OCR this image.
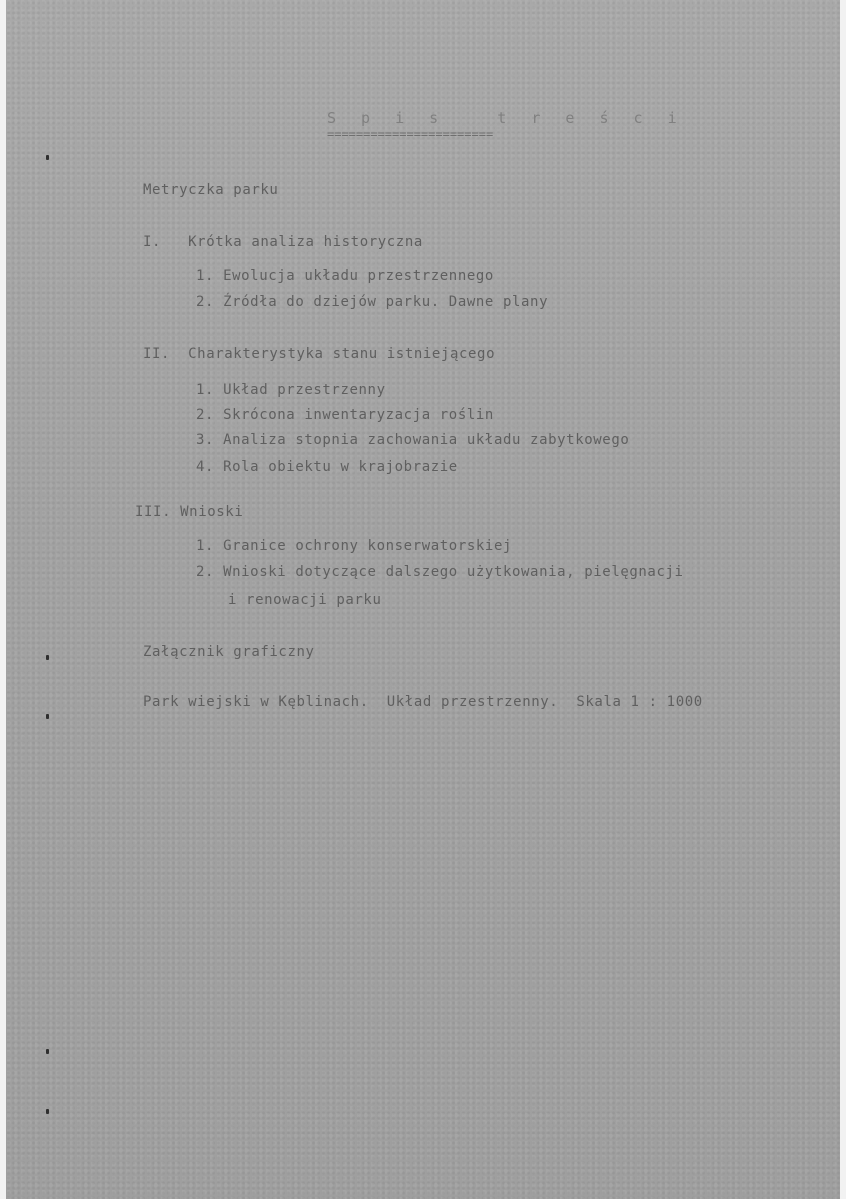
S p i s   t r e ś c i
=======================
Metryczka parku
I.   Krótka analiza historyczna
1. Ewolucja układu przestrzennego
2. Źródła do dziejów parku. Dawne plany
II.  Charakterystyka stanu istniejącego
1. Układ przestrzenny
2. Skrócona inwentaryzacja roślin
3. Analiza stopnia zachowania układu zabytkowego
4. Rola obiektu w krajobrazie
III. Wnioski
1. Granice ochrony konserwatorskiej
2. Wnioski dotyczące dalszego użytkowania, pielęgnacji
i renowacji parku
Załącznik graficzny
Park wiejski w Kęblinach.  Układ przestrzenny.  Skala 1 : 1000
